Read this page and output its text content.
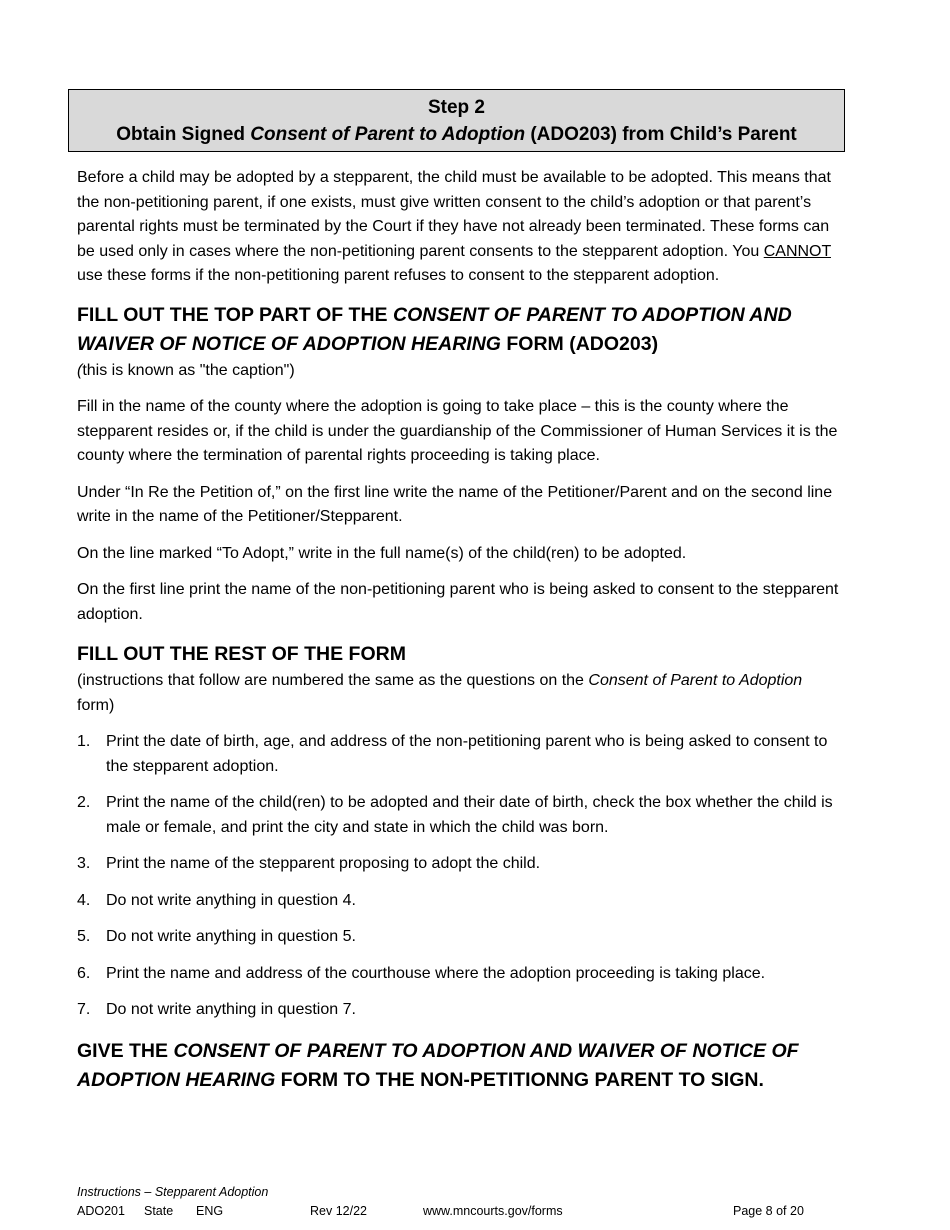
Step 2
Obtain Signed Consent of Parent to Adoption (ADO203) from Child’s Parent

Before a child may be adopted by a stepparent, the child must be available to be adopted. This means that the non-petitioning parent, if one exists, must give written consent to the child’s adoption or that parent’s parental rights must be terminated by the Court if they have not already been terminated. These forms can be used only in cases where the non-petitioning parent consents to the stepparent adoption. You CANNOT use these forms if the non-petitioning parent refuses to consent to the stepparent adoption.

FILL OUT THE TOP PART OF THE CONSENT OF PARENT TO ADOPTION AND WAIVER OF NOTICE OF ADOPTION HEARING FORM (ADO203)

(this is known as "the caption")

Fill in the name of the county where the adoption is going to take place – this is the county where the stepparent resides or, if the child is under the guardianship of the Commissioner of Human Services it is the county where the termination of parental rights proceeding is taking place.

Under “In Re the Petition of,” on the first line write the name of the Petitioner/Parent and on the second line write in the name of the Petitioner/Stepparent.

On the line marked “To Adopt,” write in the full name(s) of the child(ren) to be adopted.

On the first line print the name of the non-petitioning parent who is being asked to consent to the stepparent adoption.

FILL OUT THE REST OF THE FORM

(instructions that follow are numbered the same as the questions on the Consent of Parent to Adoption form)

1. Print the date of birth, age, and address of the non-petitioning parent who is being asked to consent to the stepparent adoption.
2. Print the name of the child(ren) to be adopted and their date of birth, check the box whether the child is male or female, and print the city and state in which the child was born.
3. Print the name of the stepparent proposing to adopt the child.
4. Do not write anything in question 4.
5. Do not write anything in question 5.
6. Print the name and address of the courthouse where the adoption proceeding is taking place.
7. Do not write anything in question 7.
GIVE THE CONSENT OF PARENT TO ADOPTION AND WAIVER OF NOTICE OF ADOPTION HEARING FORM TO THE NON-PETITIONNG PARENT TO SIGN.
Instructions – Stepparent Adoption
ADO201 State ENG	Rev 12/22	www.mncourts.gov/forms	Page 8 of 20
